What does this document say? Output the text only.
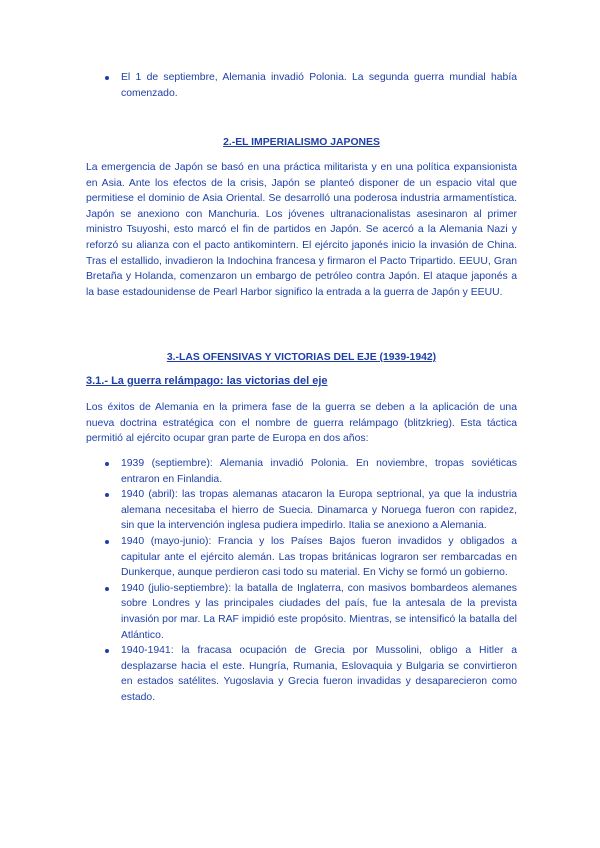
El 1 de septiembre, Alemania invadió Polonia. La segunda guerra mundial había comenzado.
2.-EL IMPERIALISMO JAPONES

La emergencia de Japón se basó en una práctica militarista y en una política expansionista en Asia. Ante los efectos de la crisis, Japón se planteó disponer de un espacio vital que permitiese el dominio de Asia Oriental. Se desarrolló una poderosa industria armamentística. Japón se anexiono con Manchuria. Los jóvenes ultranacionalistas asesinaron al primer ministro Tsuyoshi, esto marcó el fin de partidos en Japón. Se acercó a la Alemania Nazi y reforzó su alianza con el pacto antikomintern. El ejército japonés inicio la invasión de China. Tras el estallido, invadieron la Indochina francesa y firmaron el Pacto Tripartido. EEUU, Gran Bretaña y Holanda, comenzaron un embargo de petróleo contra Japón. El ataque japonés a la base estadounidense de Pearl Harbor significo la entrada a la guerra de Japón y EEUU.

3.-LAS OFENSIVAS Y VICTORIAS DEL EJE (1939-1942)
3.1.- La guerra relámpago: las victorias del eje

Los éxitos de Alemania en la primera fase de la guerra se deben a la aplicación de una nueva doctrina estratégica con el nombre de guerra relámpago (blitzkrieg). Esta táctica permitió al ejército ocupar gran parte de Europa en dos años:

1939 (septiembre): Alemania invadió Polonia. En noviembre, tropas soviéticas entraron en Finlandia.
1940 (abril): las tropas alemanas atacaron la Europa septrional, ya que la industria alemana necesitaba el hierro de Suecia. Dinamarca y Noruega fueron con rapidez, sin que la intervención inglesa pudiera impedirlo. Italia se anexiono a Alemania.
1940 (mayo-junio): Francia y los Países Bajos fueron invadidos y obligados a capitular ante el ejército alemán. Las tropas británicas lograron ser rembarcadas en Dunkerque, aunque perdieron casi todo su material. En Vichy se formó un gobierno.
1940 (julio-septiembre): la batalla de Inglaterra, con masivos bombardeos alemanes sobre Londres y las principales ciudades del país, fue la antesala de la prevista invasión por mar. La RAF impidió este propósito. Mientras, se intensificó la batalla del Atlántico.
1940-1941: la fracasa ocupación de Grecia por Mussolini, obligo a Hitler a desplazarse hacia el este. Hungría, Rumania, Eslovaquia y Bulgaria se convirtieron en estados satélites. Yugoslavia y Grecia fueron invadidas y desaparecieron como estado.
